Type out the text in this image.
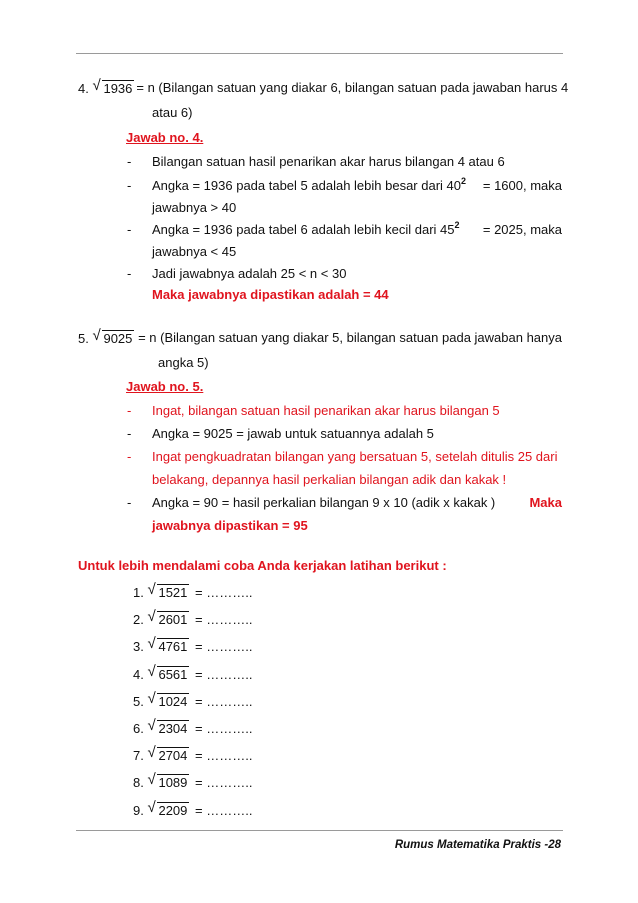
4. √ 1936 = n (Bilangan satuan yang diakar 6, bilangan satuan pada jawaban harus 4
atau 6)
Jawab no. 4.
- Bilangan satuan hasil penarikan akar harus bilangan 4 atau 6
- Angka = 1936 pada tabel 5 adalah lebih besar dari $40^2 = 1600$, maka
jawabnya > 40
- Angka = 1936 pada tabel 6 adalah lebih kecil dari $45^2 = 2025$, maka
jawabnya < 45
- Jadi jawabnya adalah 25 < n < 30
Maka jawabnya dipastikan adalah = 44
5. √ 9025 = n (Bilangan satuan yang diakar 5, bilangan satuan pada jawaban hanya
angka 5)
Jawab no. 5.
- Ingat, bilangan satuan hasil penarikan akar harus bilangan 5
- Angka = 9025 = jawab untuk satuannya adalah 5
- Ingat pengkuadratan bilangan yang bersatuan 5, setelah ditulis 25 dari
belakang, depannya hasil perkalian bilangan adik dan kakak !
- Angka = 90 = hasil perkalian bilangan 9 x 10 (adik x kakak )	Maka
jawabnya dipastikan = 95
Untuk lebih mendalami coba Anda kerjakan latihan berikut :
1. √ 1521 = ………..
2. √ 2601 = ………..
3. √ 4761 = ………..
4. √ 6561 = ………..
5. √ 1024 = ………..
6. √ 2304 = ………..
7. √ 2704 = ………..
8. √ 1089 = ………..
9. √ 2209 = ………..
Rumus Matematika Praktis -28
